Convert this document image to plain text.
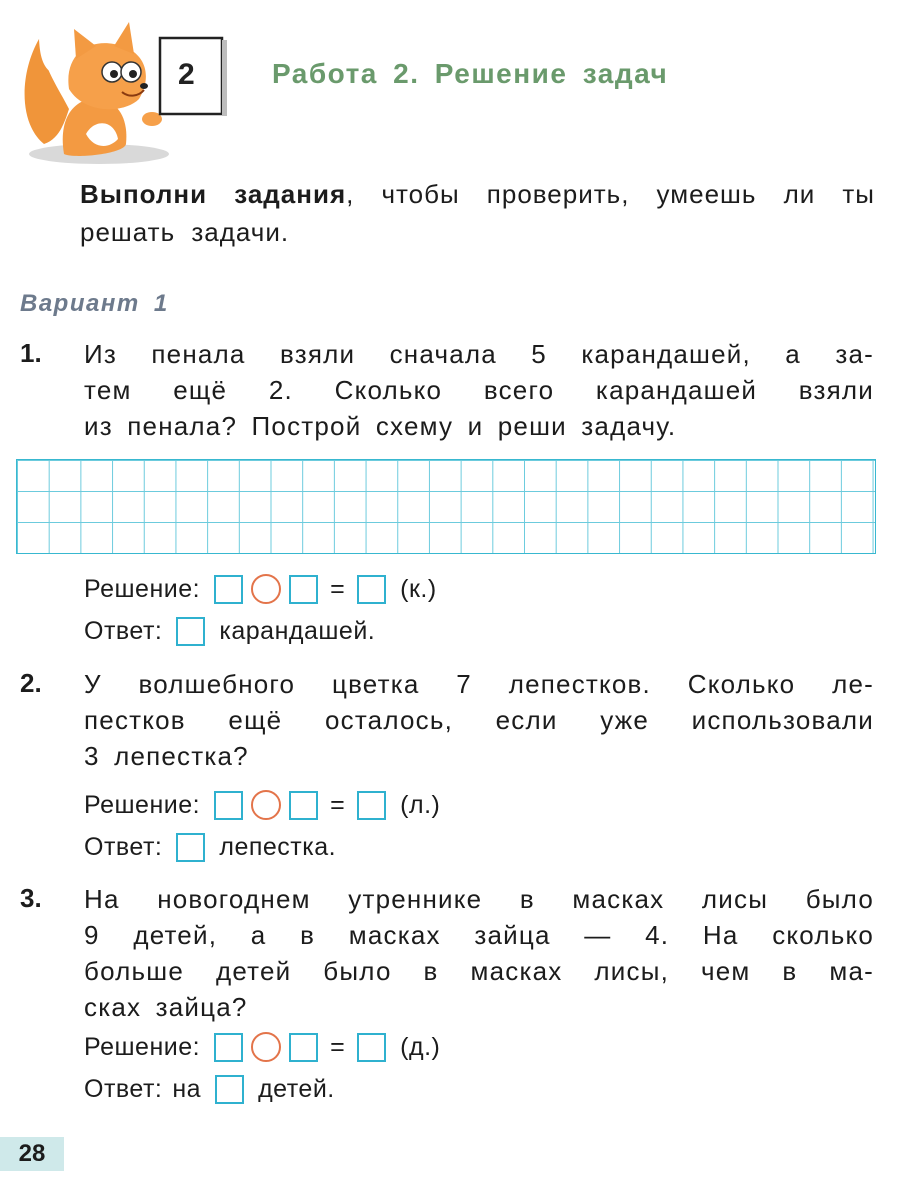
2	Работа 2. Решение задач
Выполни задания, чтобы проверить, умеешь ли ты решать задачи.
Вариант 1
1. Из пенала взяли сначала 5 карандашей, а за-
тем ещё 2. Сколько всего карандашей взяли
из пенала? Построй схему и реши задачу.
Решение:	= (к.)
Ответ: карандашей.
2. У волшебного цветка 7 лепестков. Сколько ле-
пестков ещё осталось, если уже использовали
3 лепестка?
Решение:	= (л.)
Ответ: лепестка.
3. На новогоднем утреннике в масках лисы было
9 детей, а в масках зайца — 4. На сколько
больше детей было в масках лисы, чем в ма-
сках зайца?
Решение:	= (д.)
Ответ: на детей.
28
